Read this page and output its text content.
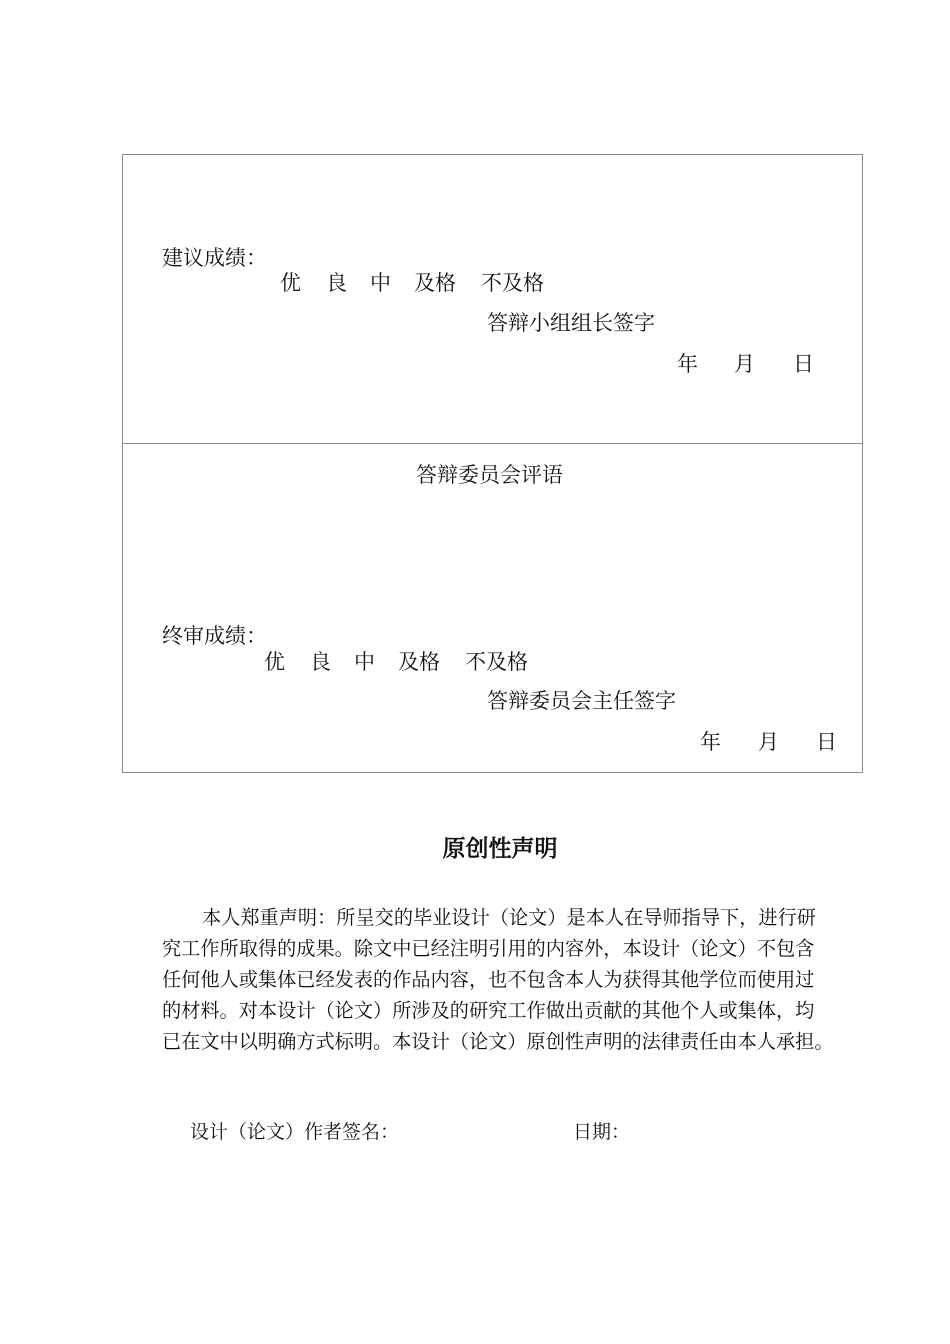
建议成绩：
优 良 中 及格 不及格
答辩小组组长签字
年 月 日
答辩委员会评语
终审成绩：
优 良 中 及格 不及格
答辩委员会主任签字
年 月 日
原创性声明
本人郑重声明：所呈交的毕业设计（论文）是本人在导师指导下，进行研
究工作所取得的成果。除文中已经注明引用的内容外，本设计（论文）不包含
任何他人或集体已经发表的作品内容，也不包含本人为获得其他学位而使用过
的材料。对本设计（论文）所涉及的研究工作做出贡献的其他个人或集体，均
已在文中以明确方式标明。本设计（论文）原创性声明的法律责任由本人承担。
设计（论文）作者签名：	日期：
